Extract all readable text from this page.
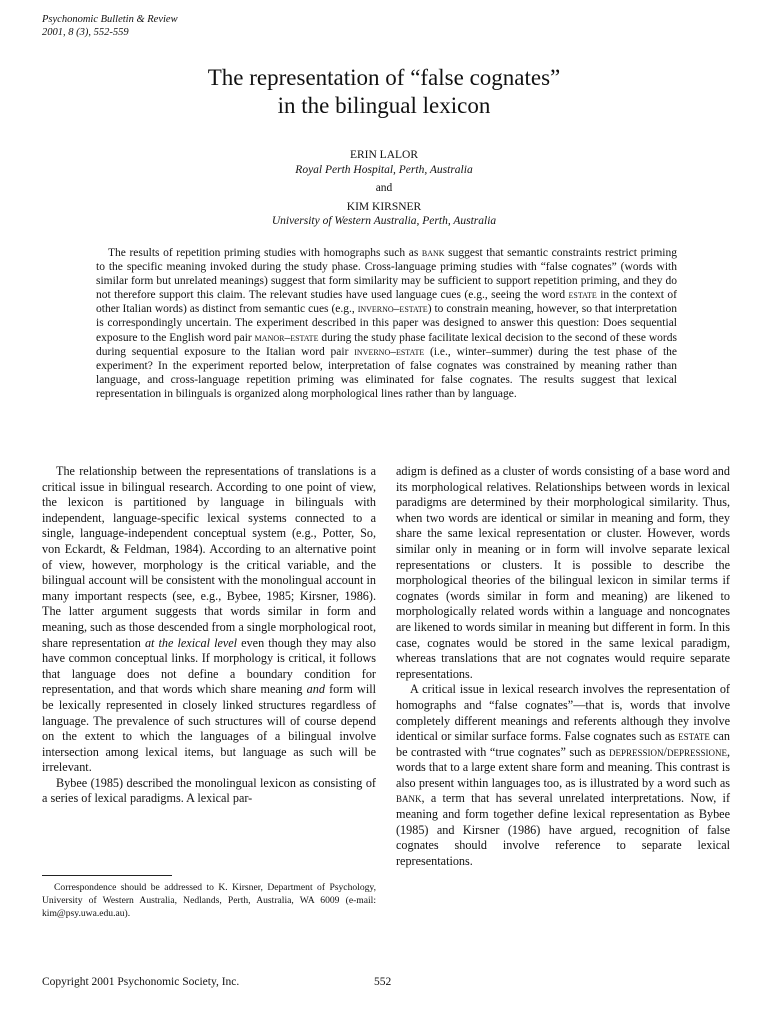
Psychonomic Bulletin & Review
2001, 8 (3), 552-559
The representation of “false cognates”
in the bilingual lexicon
ERIN LALOR
Royal Perth Hospital, Perth, Australia
and
KIM KIRSNER
University of Western Australia, Perth, Australia
The results of repetition priming studies with homographs such as bank suggest that semantic constraints restrict priming to the specific meaning invoked during the study phase. Cross-language priming studies with “false cognates” (words with similar form but unrelated meanings) suggest that form similarity may be sufficient to support repetition priming, and they do not therefore support this claim. The relevant studies have used language cues (e.g., seeing the word estate in the context of other Italian words) as distinct from semantic cues (e.g., inverno–estate) to constrain meaning, however, so that interpretation is correspondingly uncertain. The experiment described in this paper was designed to answer this question: Does sequential exposure to the English word pair manor–estate during the study phase facilitate lexical decision to the second of these words during sequential exposure to the Italian word pair inverno–estate (i.e., winter–summer) during the test phase of the experiment? In the experiment reported below, interpretation of false cognates was constrained by meaning rather than language, and cross-language repetition priming was eliminated for false cognates. The results suggest that lexical representation in bilinguals is organized along morphological lines rather than by language.

The relationship between the representations of translations is a critical issue in bilingual research. According to one point of view, the lexicon is partitioned by language in bilinguals with independent, language-specific lexical systems connected to a single, language-independent conceptual system (e.g., Potter, So, von Eckardt, & Feldman, 1984). According to an alternative point of view, however, morphology is the critical variable, and the bilingual account will be consistent with the monolingual account in many important respects (see, e.g., Bybee, 1985; Kirsner, 1986). The latter argument suggests that words similar in form and meaning, such as those descended from a single morphological root, share representation at the lexical level even though they may also have common conceptual links. If morphology is critical, it follows that language does not define a boundary condition for representation, and that words which share meaning and form will be lexically represented in closely linked structures regardless of language. The prevalence of such structures will of course depend on the extent to which the languages of a bilingual involve intersection among lexical items, but language as such will be irrelevant.

Bybee (1985) described the monolingual lexicon as consisting of a series of lexical paradigms. A lexical par-

adigm is defined as a cluster of words consisting of a base word and its morphological relatives. Relationships between words in lexical paradigms are determined by their morphological similarity. Thus, when two words are identical or similar in meaning and form, they share the same lexical representation or cluster. However, words similar only in meaning or in form will involve separate lexical representations or clusters. It is possible to describe the morphological theories of the bilingual lexicon in similar terms if cognates (words similar in form and meaning) are likened to morphologically related words within a language and noncognates are likened to words similar in meaning but different in form. In this case, cognates would be stored in the same lexical paradigm, whereas translations that are not cognates would require separate representations.

A critical issue in lexical research involves the representation of homographs and “false cognates”—that is, words that involve completely different meanings and referents although they involve identical or similar surface forms. False cognates such as estate can be contrasted with “true cognates” such as depression/depressione, words that to a large extent share form and meaning. This contrast is also present within languages too, as is illustrated by a word such as bank, a term that has several unrelated interpretations. Now, if meaning and form together define lexical representation as Bybee (1985) and Kirsner (1986) have argued, recognition of false cognates should involve reference to separate lexical representations.

Correspondence should be addressed to K. Kirsner, Department of Psychology, University of Western Australia, Nedlands, Perth, Australia, WA 6009 (e-mail: kim@psy.uwa.edu.au).
Copyright 2001 Psychonomic Society, Inc.	552
